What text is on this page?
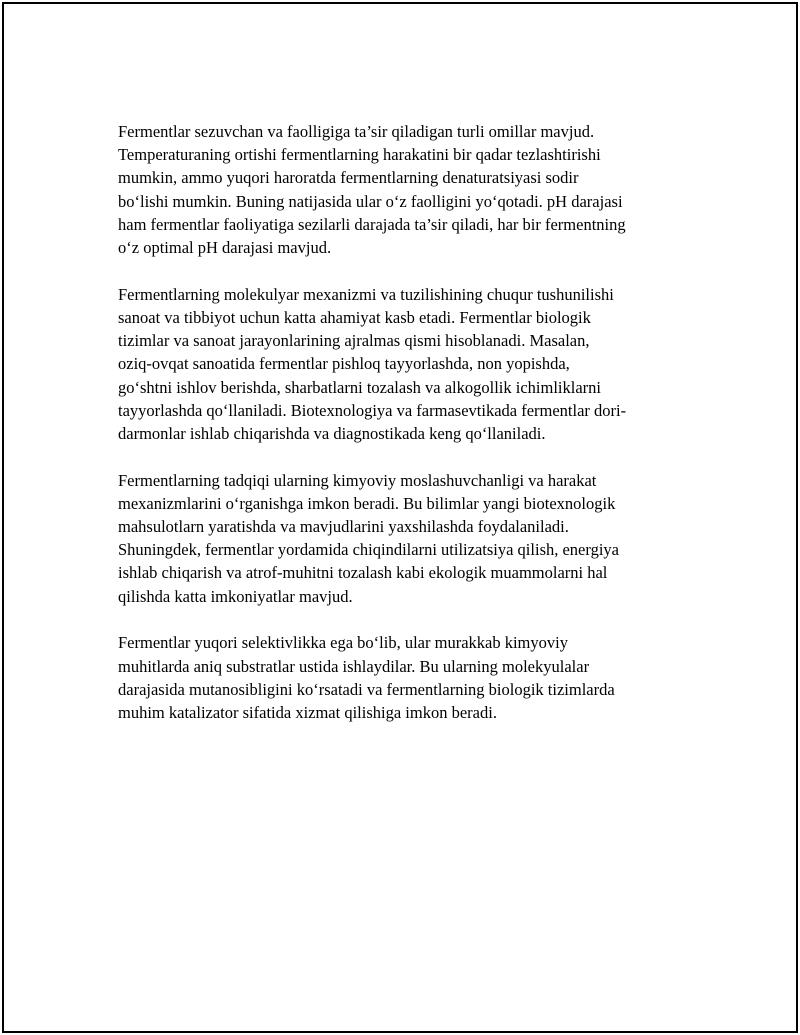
Fermentlar sezuvchan va faolligiga ta’sir qiladigan turli omillar mavjud.
Temperaturaning ortishi fermentlarning harakatini bir qadar tezlashtirishi
mumkin, ammo yuqori haroratda fermentlarning denaturatsiyasi sodir
bo‘lishi mumkin. Buning natijasida ular o‘z faolligini yo‘qotadi. pH darajasi
ham fermentlar faoliyatiga sezilarli darajada ta’sir qiladi, har bir fermentning
o‘z optimal pH darajasi mavjud.

Fermentlarning molekulyar mexanizmi va tuzilishining chuqur tushunilishi
sanoat va tibbiyot uchun katta ahamiyat kasb etadi. Fermentlar biologik
tizimlar va sanoat jarayonlarining ajralmas qismi hisoblanadi. Masalan,
oziq-ovqat sanoatida fermentlar pishloq tayyorlashda, non yopishda,
go‘shtni ishlov berishda, sharbatlarni tozalash va alkogollik ichimliklarni
tayyorlashda qo‘llaniladi. Biotexnologiya va farmasevtikada fermentlar dori-
darmonlar ishlab chiqarishda va diagnostikada keng qo‘llaniladi.

Fermentlarning tadqiqi ularning kimyoviy moslashuvchanligi va harakat
mexanizmlarini o‘rganishga imkon beradi. Bu bilimlar yangi biotexnologik
mahsulotlarn yaratishda va mavjudlarini yaxshilashda foydalaniladi.
Shuningdek, fermentlar yordamida chiqindilarni utilizatsiya qilish, energiya
ishlab chiqarish va atrof-muhitni tozalash kabi ekologik muammolarni hal
qilishda katta imkoniyatlar mavjud.

Fermentlar yuqori selektivlikka ega bo‘lib, ular murakkab kimyoviy
muhitlarda aniq substratlar ustida ishlaydilar. Bu ularning molekyulalar
darajasida mutanosibligini ko‘rsatadi va fermentlarning biologik tizimlarda
muhim katalizator sifatida xizmat qilishiga imkon beradi.
